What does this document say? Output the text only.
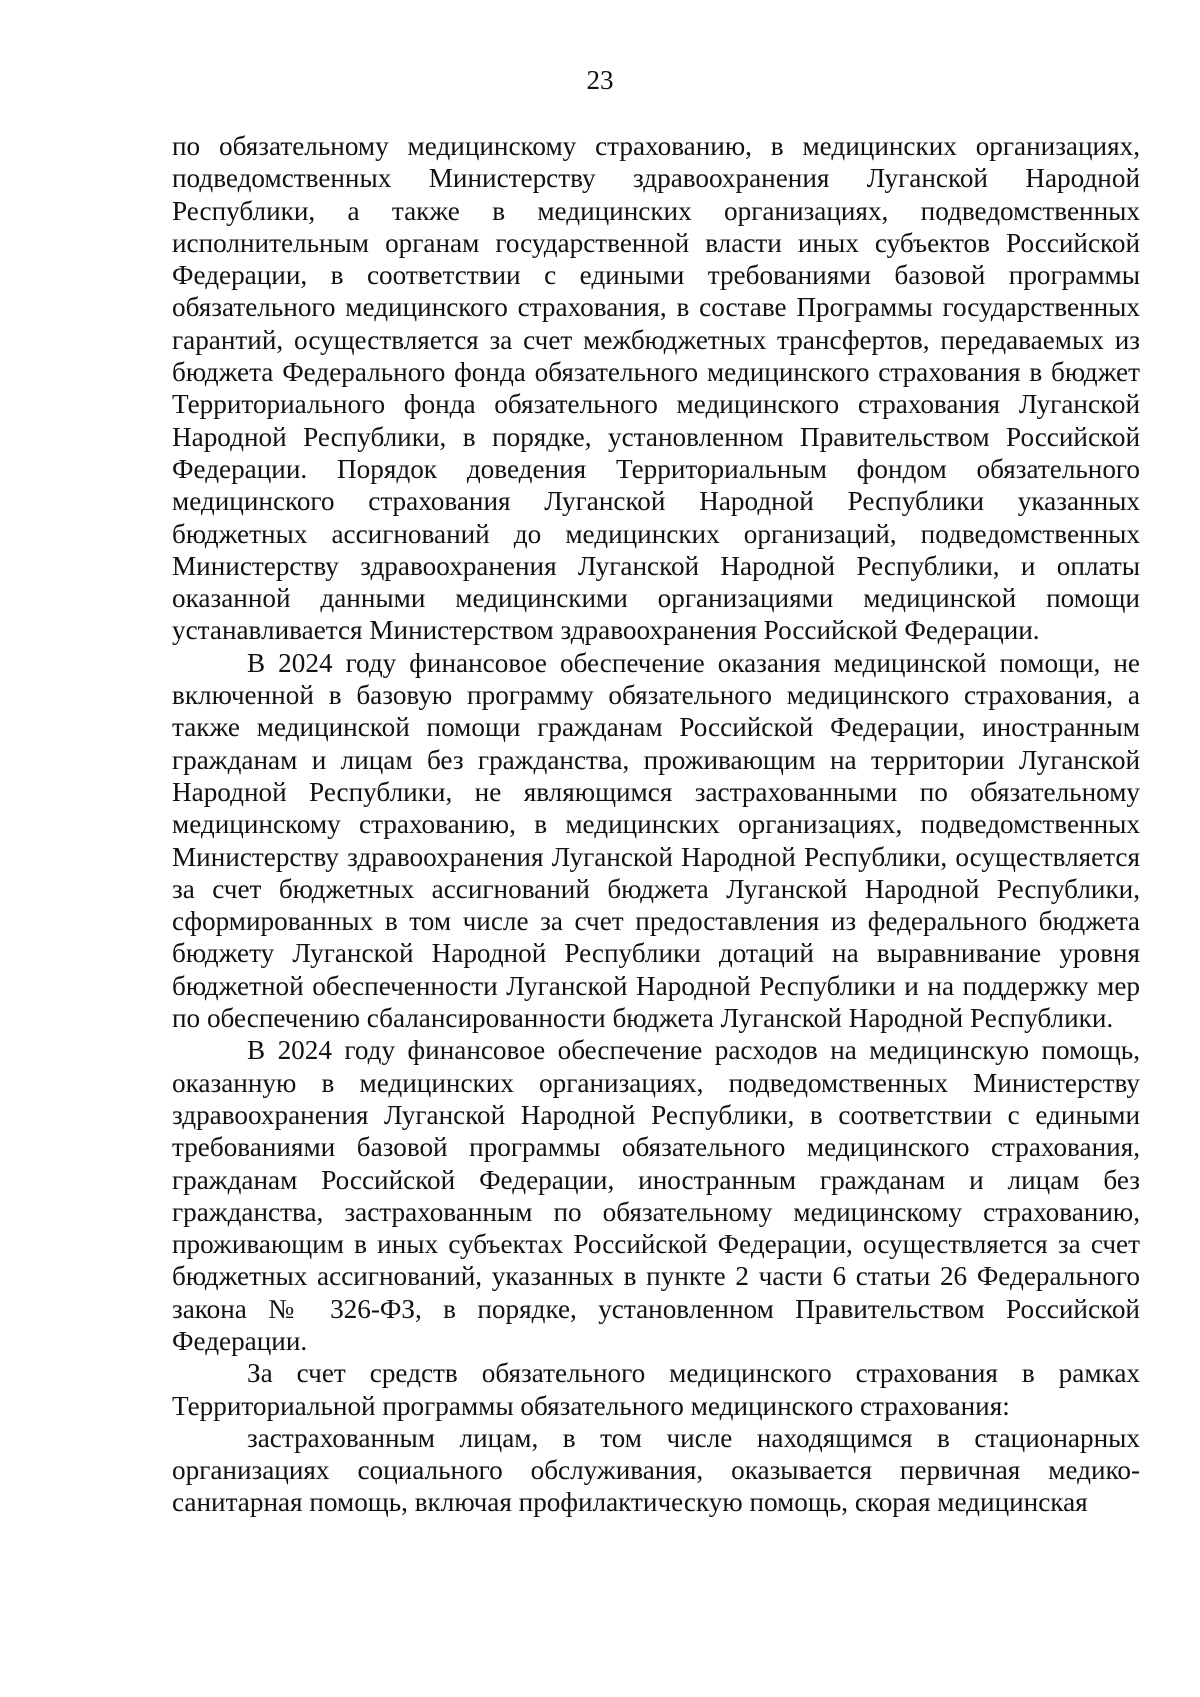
23

по обязательному медицинскому страхованию, в медицинских организациях, подведомственных Министерству здравоохранения Луганской Народной Республики, а также в медицинских организациях, подведомственных исполнительным органам государственной власти иных субъектов Российской Федерации, в соответствии с едиными требованиями базовой программы обязательного медицинского страхования, в составе Программы государственных гарантий, осуществляется за счет межбюджетных трансфертов, передаваемых из бюджета Федерального фонда обязательного медицинского страхования в бюджет Территориального фонда обязательного медицинского страхования Луганской Народной Республики, в порядке, установленном Правительством Российской Федерации. Порядок доведения Территориальным фондом обязательного медицинского страхования Луганской Народной Республики указанных бюджетных ассигнований до медицинских организаций, подведомственных Министерству здравоохранения Луганской Народной Республики, и оплаты оказанной данными медицинскими организациями медицинской помощи устанавливается Министерством здравоохранения Российской Федерации.

В 2024 году финансовое обеспечение оказания медицинской помощи, не включенной в базовую программу обязательного медицинского страхования, а также медицинской помощи гражданам Российской Федерации, иностранным гражданам и лицам без гражданства, проживающим на территории Луганской Народной Республики, не являющимся застрахованными по обязательному медицинскому страхованию, в медицинских организациях, подведомственных Министерству здравоохранения Луганской Народной Республики, осуществляется за счет бюджетных ассигнований бюджета Луганской Народной Республики, сформированных в том числе за счет предоставления из федерального бюджета бюджету Луганской Народной Республики дотаций на выравнивание уровня бюджетной обеспеченности Луганской Народной Республики и на поддержку мер по обеспечению сбалансированности бюджета Луганской Народной Республики.

В 2024 году финансовое обеспечение расходов на медицинскую помощь, оказанную в медицинских организациях, подведомственных Министерству здравоохранения Луганской Народной Республики, в соответствии с едиными требованиями базовой программы обязательного медицинского страхования, гражданам Российской Федерации, иностранным гражданам и лицам без гражданства, застрахованным по обязательному медицинскому страхованию, проживающим в иных субъектах Российской Федерации, осуществляется за счет бюджетных ассигнований, указанных в пункте 2 части 6 статьи 26 Федерального закона № 326-ФЗ, в порядке, установленном Правительством Российской Федерации.

За счет средств обязательного медицинского страхования в рамках Территориальной программы обязательного медицинского страхования:

застрахованным лицам, в том числе находящимся в стационарных организациях социального обслуживания, оказывается первичная медико-санитарная помощь, включая профилактическую помощь, скорая медицинская
